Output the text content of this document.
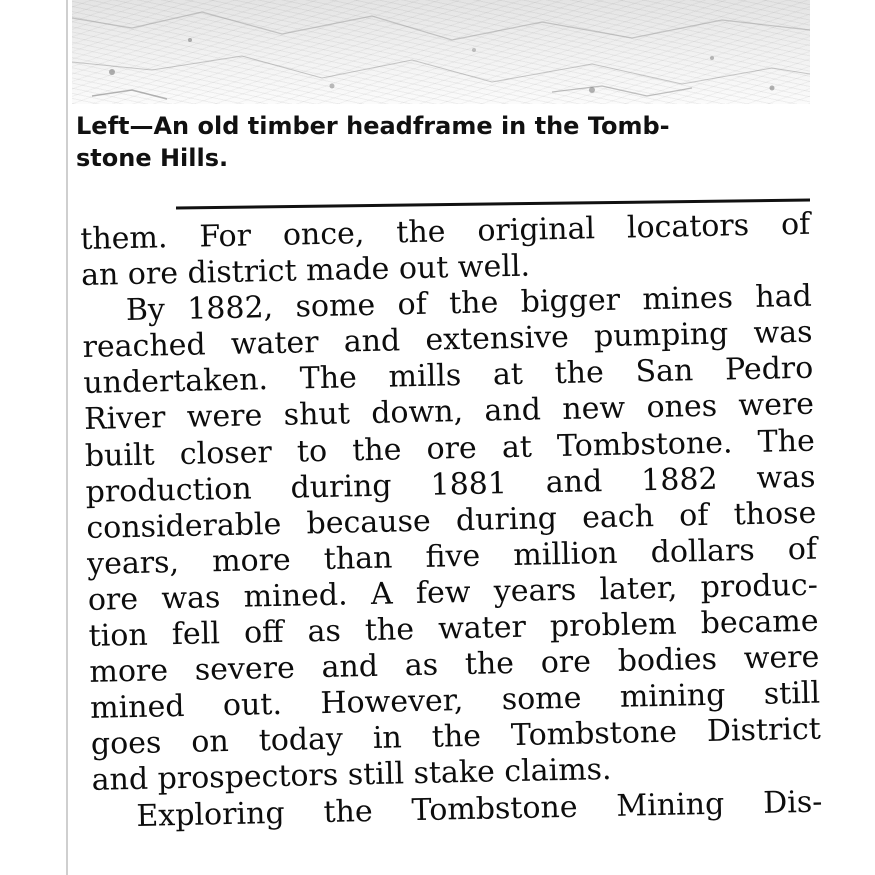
Left—An old timber headframe in the Tomb-
stone Hills.

them. For once, the original locators of
an ore district made out well.
By 1882, some of the bigger mines had
reached water and extensive pumping was
undertaken. The mills at the San Pedro
River were shut down, and new ones were
built closer to the ore at Tombstone. The
production during 1881 and 1882 was
considerable because during each of those
years, more than five million dollars of
ore was mined. A few years later, produc-
tion fell off as the water problem became
more severe and as the ore bodies were
mined out. However, some mining still
goes on today in the Tombstone District
and prospectors still stake claims.
Exploring the Tombstone Mining Dis-
